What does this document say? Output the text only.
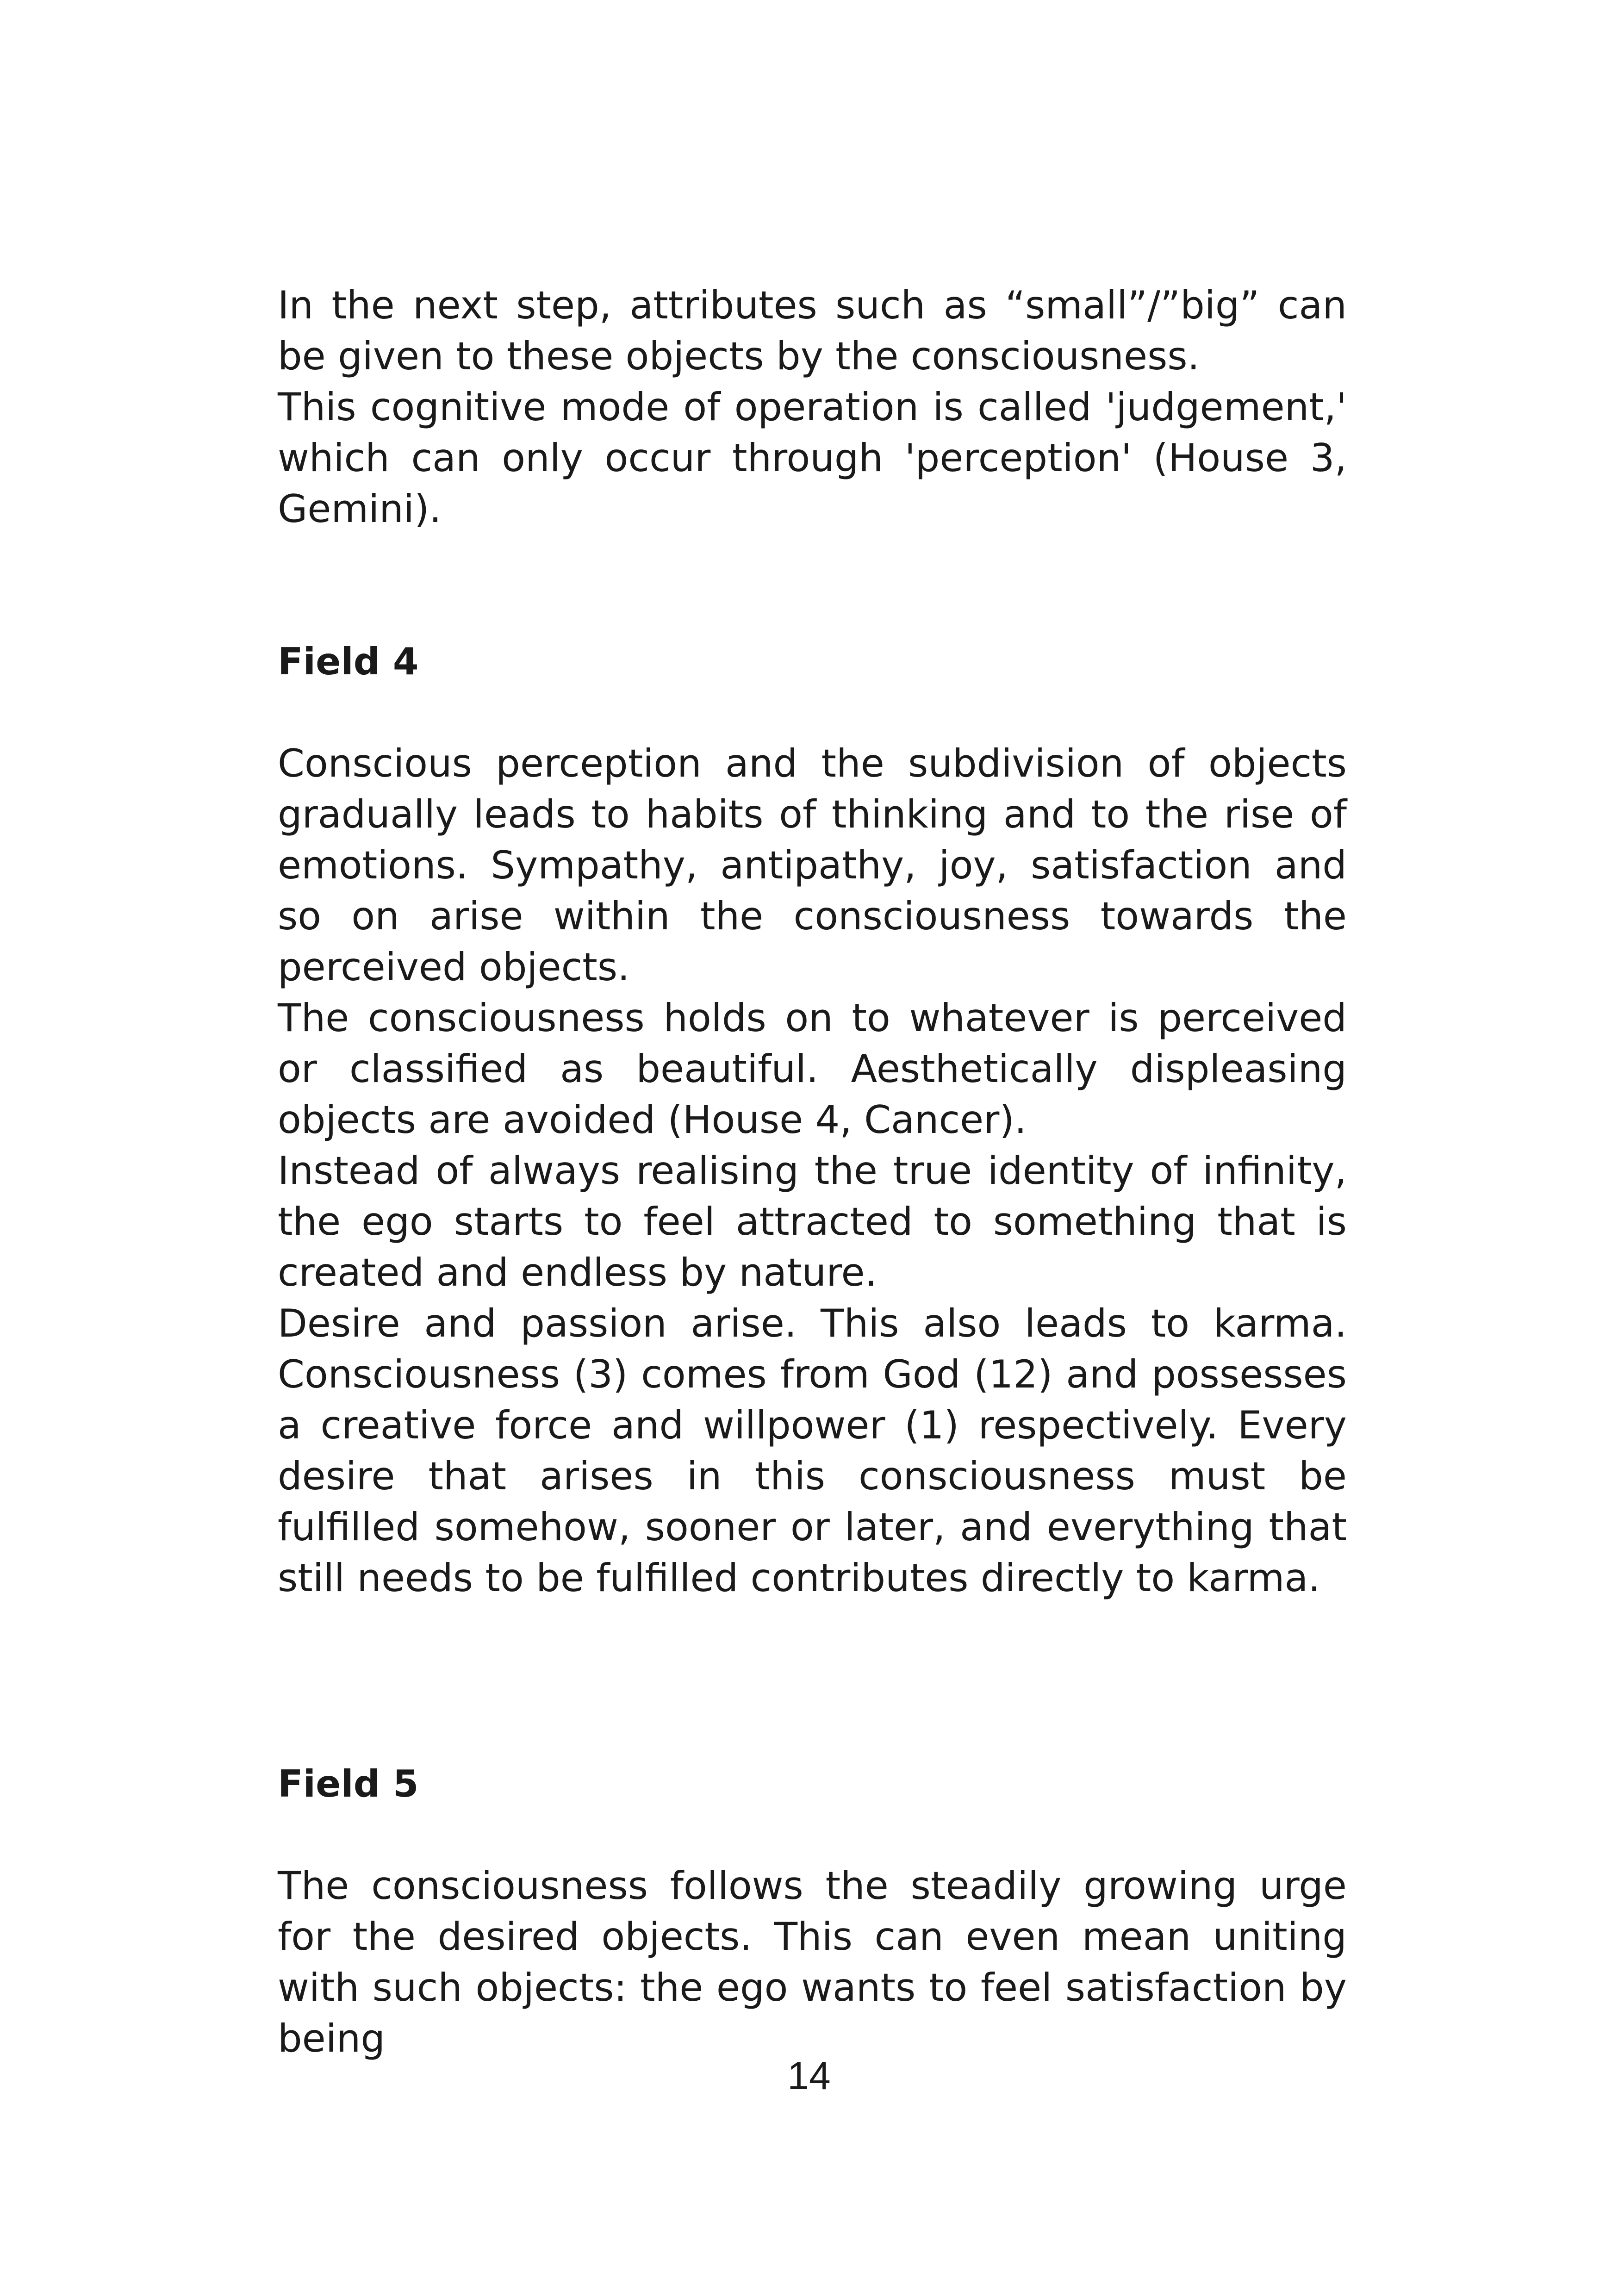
In the next step, attributes such as “small”/”big” can be given to these objects by the consciousness.

This cognitive mode of operation is called 'judgement,' which can only occur through 'perception' (House 3, Gemini).

Field 4

Conscious perception and the subdivision of objects gradually leads to habits of thinking and to the rise of emotions. Sympathy, antipathy, joy, satisfaction and so on arise within the consciousness towards the perceived objects.

The consciousness holds on to whatever is perceived or classified as beautiful. Aesthetically displeasing objects are avoided (House 4, Cancer).

Instead of always realising the true identity of infinity, the ego starts to feel attracted to something that is created and endless by nature.

Desire and passion arise. This also leads to karma. Consciousness (3) comes from God (12) and possesses a creative force and willpower (1) respectively. Every desire that arises in this consciousness must be fulfilled somehow, sooner or later, and everything that still needs to be fulfilled contributes directly to karma.

Field 5

The consciousness follows the steadily growing urge for the desired objects. This can even mean uniting with such objects: the ego wants to feel satisfaction by being

14
